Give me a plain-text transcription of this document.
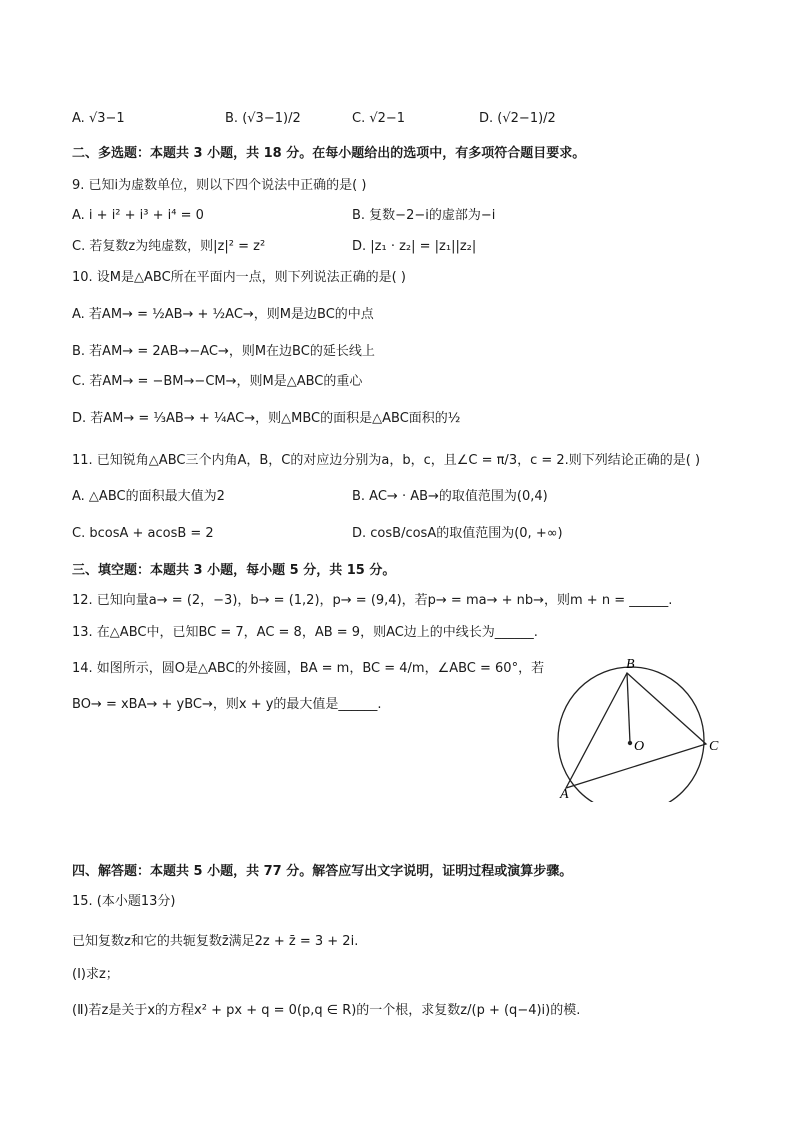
A. √3−1	B. (√3−1)/2	C. √2−1	D. (√2−1)/2
二、多选题：本题共 3 小题，共 18 分。在每小题给出的选项中，有多项符合题目要求。
9. 已知i为虚数单位，则以下四个说法中正确的是( )
A. i + i² + i³ + i⁴ = 0	B. 复数−2−i的虚部为−i
C. 若复数z为纯虚数，则|z|² = z²	D. |z₁ · z₂| = |z₁||z₂|
10. 设M是△ABC所在平面内一点，则下列说法正确的是( )
A. 若AM→ = ½AB→ + ½AC→，则M是边BC的中点
B. 若AM→ = 2AB→−AC→，则M在边BC的延长线上
C. 若AM→ = −BM→−CM→，则M是△ABC的重心
D. 若AM→ = ⅓AB→ + ¼AC→，则△MBC的面积是△ABC面积的½
11. 已知锐角△ABC三个内角A，B，C的对应边分别为a，b，c，且∠C = π/3，c = 2.则下列结论正确的是( )
A. △ABC的面积最大值为2	B. AC→ · AB→的取值范围为(0,4)
C. bcosA + acosB = 2	D. cosB/cosA的取值范围为(0, +∞)
三、填空题：本题共 3 小题，每小题 5 分，共 15 分。
12. 已知向量a→ = (2，−3)，b→ = (1,2)，p→ = (9,4)，若p→ = ma→ + nb→，则m + n = ______.
13. 在△ABC中，已知BC = 7，AC = 8，AB = 9，则AC边上的中线长为______.
14. 如图所示，圆O是△ABC的外接圆，BA = m，BC = 4/m，∠ABC = 60°，若
BO→ = xBA→ + yBC→，则x + y的最大值是______.
B
O	C
A
四、解答题：本题共 5 小题，共 77 分。解答应写出文字说明，证明过程或演算步骤。
15. (本小题13分)
已知复数z和它的共轭复数z̄满足2z + z̄ = 3 + 2i.
(Ⅰ)求z；
(Ⅱ)若z是关于x的方程x² + px + q = 0(p,q ∈ R)的一个根，求复数z/(p + (q−4)i)的模.
